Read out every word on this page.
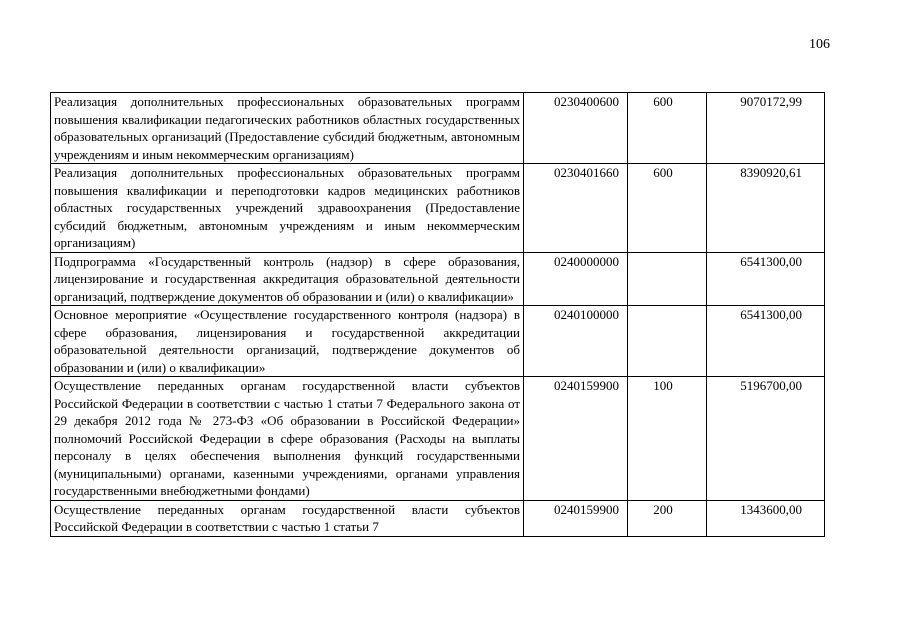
106
Реализация дополнительных профессиональных образовательных программ повышения квалификации педагогических работников областных государственных образовательных организаций (Предоставление субсидий бюджетным, автономным учреждениям и иным некоммерческим организациям)	0230400600	600	9070172,99
Реализация дополнительных профессиональных образовательных программ повышения квалификации и переподготовки кадров медицинских работников областных государственных учреждений здравоохранения (Предоставление субсидий бюджетным, автономным учреждениям и иным некоммерческим организациям)	0230401660	600	8390920,61
Подпрограмма «Государственный контроль (надзор) в сфере образования, лицензирование и государственная аккредитация образовательной деятельности организаций, подтверждение документов об образовании и (или) о квалификации»	0240000000		6541300,00
Основное мероприятие «Осуществление государственного контроля (надзора) в сфере образования, лицензирования и государственной аккредитации образовательной деятельности организаций, подтверждение документов об образовании и (или) о квалификации»	0240100000		6541300,00
Осуществление переданных органам государственной власти субъектов Российской Федерации в соответствии с частью 1 статьи 7 Федерального закона от 29 декабря 2012 года № 273-ФЗ «Об образовании в Российской Федерации» полномочий Российской Федерации в сфере образования (Расходы на выплаты персоналу в целях обеспечения выполнения функций государственными (муниципальными) органами, казенными учреждениями, органами управления государственными внебюджетными фондами)	0240159900	100	5196700,00
Осуществление переданных органам государственной власти субъектов Российской Федерации в соответствии с частью 1 статьи 7	0240159900	200	1343600,00
